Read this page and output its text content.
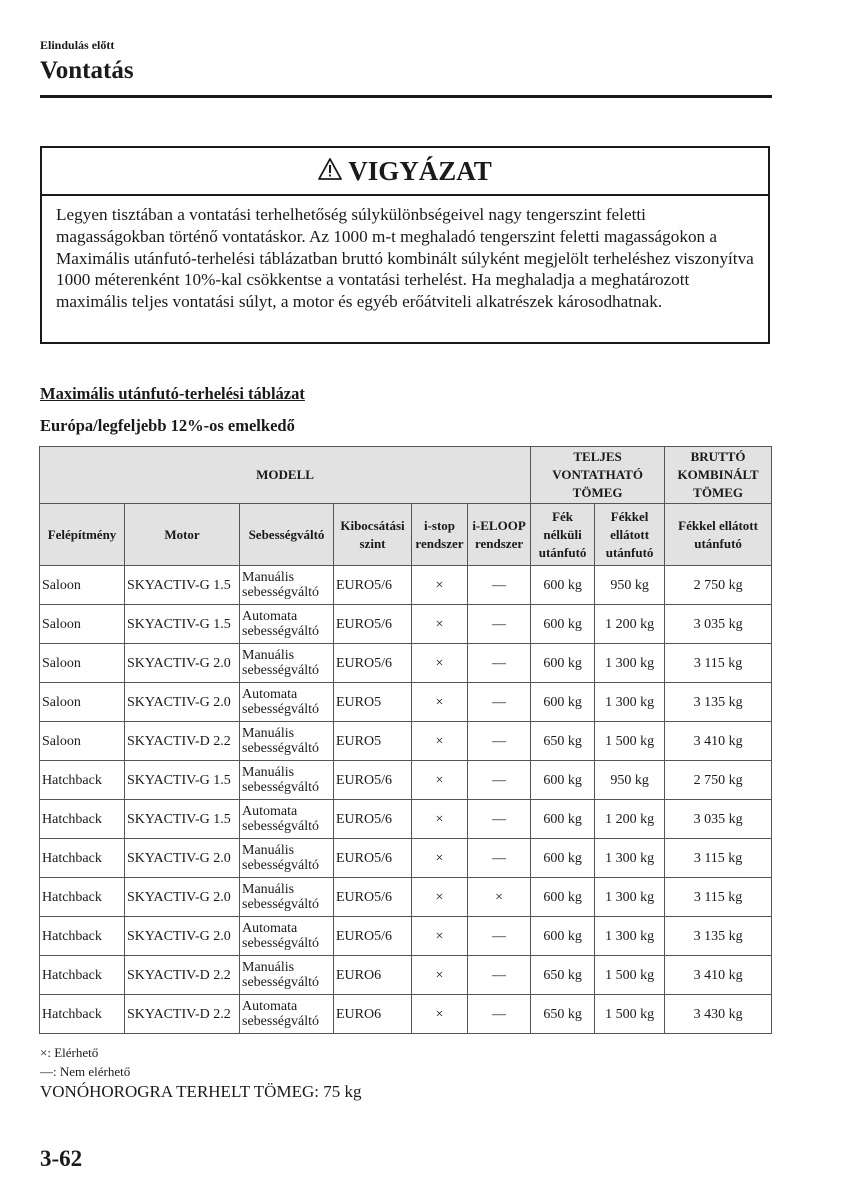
Elindulás előtt
Vontatás
VIGYÁZAT
Legyen tisztában a vontatási terhelhetőség súlykülönbségeivel nagy tengerszint feletti magasságokban történő vontatáskor. Az 1000 m-t meghaladó tengerszint feletti magasságokon a Maximális utánfutó-terhelési táblázatban bruttó kombinált súlyként megjelölt terheléshez viszonyítva 1000 méterenként 10%-kal csökkentse a vontatási terhelést. Ha meghaladja a meghatározott maximális teljes vontatási súlyt, a motor és egyéb erőátviteli alkatrészek károsodhatnak.
Maximális utánfutó-terhelési táblázat
Európa/legfeljebb 12%-os emelkedő
MODELL						TELJES VONTATHATÓ TÖMEG		BRUTTÓ KOMBINÁLT TÖMEG
Felépítmény	Motor	Sebességváltó	Kibocsátási szint	i-stop rendszer	i-ELOOP rendszer	Fék nélküli utánfutó	Fékkel ellátott utánfutó	Fékkel ellátott utánfutó
Saloon	SKYACTIV-G 1.5	Manuális sebességváltó	EURO5/6	×	—	600 kg	950 kg	2 750 kg
Saloon	SKYACTIV-G 1.5	Automata sebességváltó	EURO5/6	×	—	600 kg	1 200 kg	3 035 kg
Saloon	SKYACTIV-G 2.0	Manuális sebességváltó	EURO5/6	×	—	600 kg	1 300 kg	3 115 kg
Saloon	SKYACTIV-G 2.0	Automata sebességváltó	EURO5	×	—	600 kg	1 300 kg	3 135 kg
Saloon	SKYACTIV-D 2.2	Manuális sebességváltó	EURO5	×	—	650 kg	1 500 kg	3 410 kg
Hatchback	SKYACTIV-G 1.5	Manuális sebességváltó	EURO5/6	×	—	600 kg	950 kg	2 750 kg
Hatchback	SKYACTIV-G 1.5	Automata sebességváltó	EURO5/6	×	—	600 kg	1 200 kg	3 035 kg
Hatchback	SKYACTIV-G 2.0	Manuális sebességváltó	EURO5/6	×	—	600 kg	1 300 kg	3 115 kg
Hatchback	SKYACTIV-G 2.0	Manuális sebességváltó	EURO5/6	×	×	600 kg	1 300 kg	3 115 kg
Hatchback	SKYACTIV-G 2.0	Automata sebességváltó	EURO5/6	×	—	600 kg	1 300 kg	3 135 kg
Hatchback	SKYACTIV-D 2.2	Manuális sebességváltó	EURO6	×	—	650 kg	1 500 kg	3 410 kg
Hatchback	SKYACTIV-D 2.2	Automata sebességváltó	EURO6	×	—	650 kg	1 500 kg	3 430 kg
×: Elérhető
—: Nem elérhető
VONÓHOROGRA TERHELT TÖMEG: 75 kg
3-62
